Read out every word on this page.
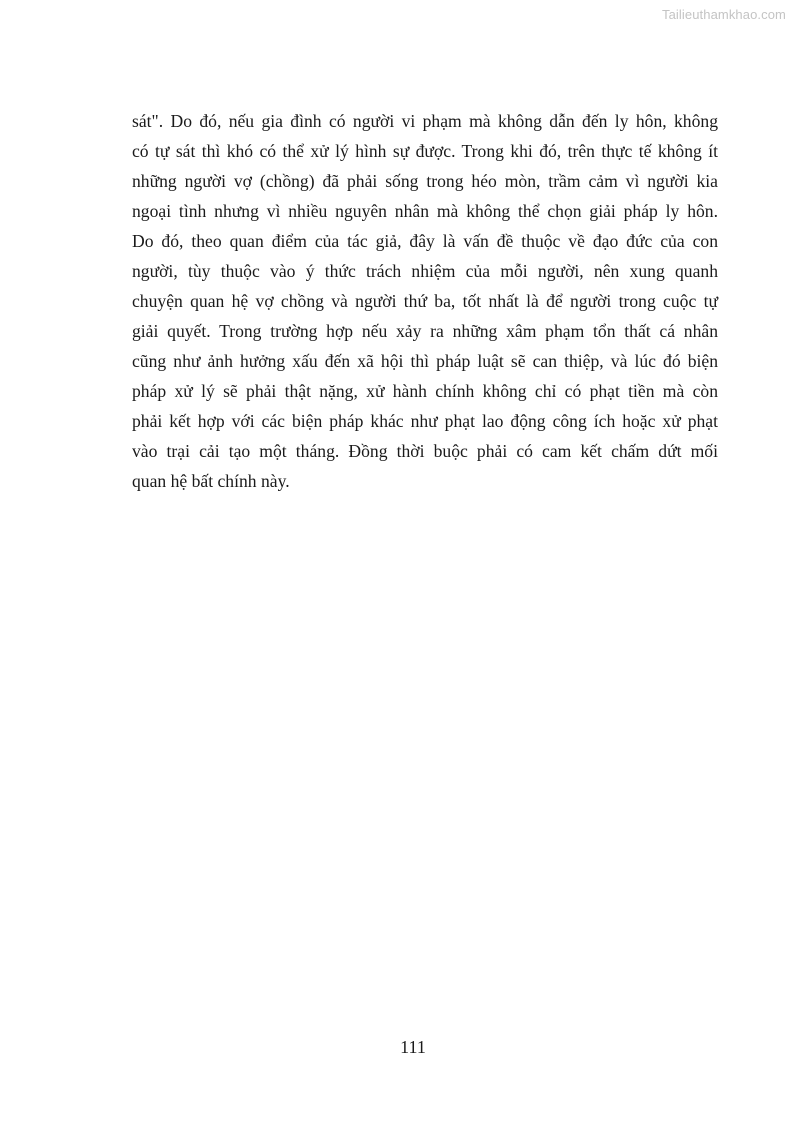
Tailieuthamkhao.com
sát". Do đó, nếu gia đình có người vi phạm mà không dẫn đến ly hôn, không
có tự sát thì khó có thể xử lý hình sự được. Trong khi đó, trên thực tế không ít
những người vợ (chồng) đã phải sống trong héo mòn, trầm cảm vì người kia
ngoại tình nhưng vì nhiều nguyên nhân mà không thể chọn giải pháp ly hôn.
Do đó, theo quan điểm của tác giả, đây là vấn đề thuộc về đạo đức của con
người, tùy thuộc vào ý thức trách nhiệm của mỗi người, nên xung quanh
chuyện quan hệ vợ chồng và người thứ ba, tốt nhất là để người trong cuộc tự
giải quyết. Trong trường hợp nếu xảy ra những xâm phạm tổn thất cá nhân
cũng như ảnh hưởng xấu đến xã hội thì pháp luật sẽ can thiệp, và lúc đó biện
pháp xử lý sẽ phải thật nặng, xử hành chính không chỉ có phạt tiền mà còn
phải kết hợp với các biện pháp khác như phạt lao động công ích hoặc xử phạt
vào trại cải tạo một tháng. Đồng thời buộc phải có cam kết chấm dứt mối
quan hệ bất chính này.
111
